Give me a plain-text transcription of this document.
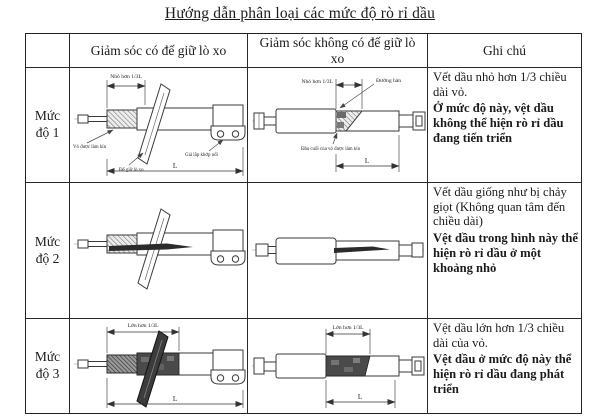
Hướng dẫn phân loại các mức độ rò rỉ dầu
Giảm sóc có đế giữ lò xo
Giảm sóc không có đế giữ lò xo
Ghi chú
Mức độ 1
Nhỏ hơn 1/3L
Vỏ được làm kín
Đế giữ lò xo
Giá lắp khớp nối
L
Nhỏ hơn 1/3L	Đường hàn
Đầu cuối của vỏ được làm kín
L

Vết dầu nhỏ hơn 1/3 chiều dài vỏ.

Ở mức độ này, vệt dầu không thể hiện rò rỉ dầu đang tiến triển

Mức độ 2

Vết dầu giống như bị chảy giọt (Không quan tâm đến chiều dài)

Vệt dầu trong hình này thể hiện rò rỉ dầu ở một khoảng nhỏ

Mức độ 3
Lớn hơn 1/3L
L
Lớn hơn 1/3L
L

Vệt dầu lớn hơn 1/3 chiều dài của vỏ.

Vệt dầu ở mức độ này thể hiện rò rỉ dầu đang phát triển
